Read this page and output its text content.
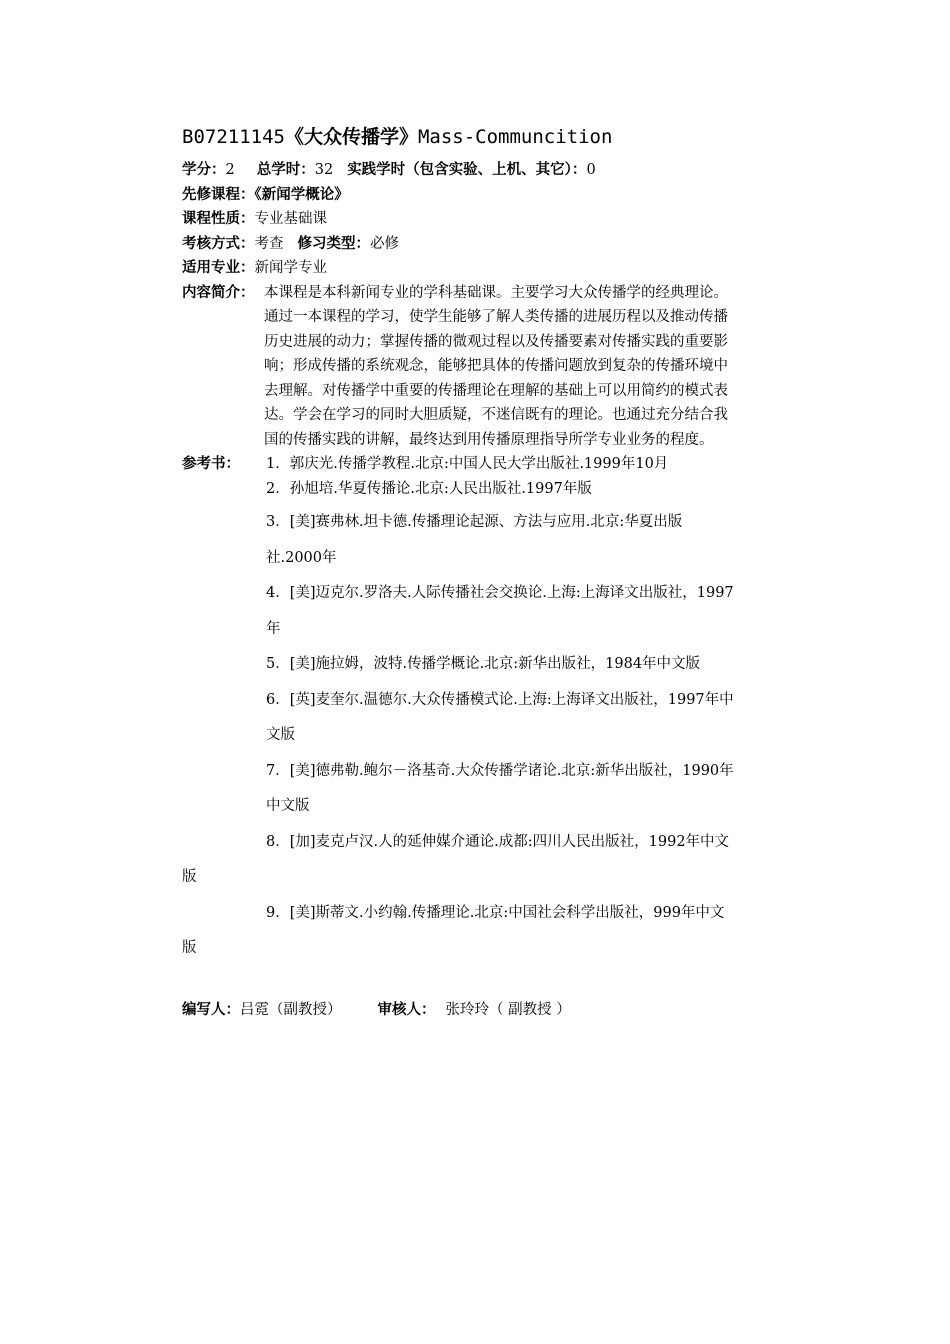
B07211145《大众传播学》Mass-Communcition
学分：2 总学时：32 实践学时（包含实验、上机、其它）：0
先修课程：《新闻学概论》
课程性质：专业基础课
考核方式：考查 修习类型：必修
适用专业：新闻学专业
内容简介： 本课程是本科新闻专业的学科基础课。主要学习大众传播学的经典理论。
通过一本课程的学习，使学生能够了解人类传播的进展历程以及推动传播
历史进展的动力；掌握传播的微观过程以及传播要素对传播实践的重要影
响；形成传播的系统观念，能够把具体的传播问题放到复杂的传播环境中
去理解。对传播学中重要的传播理论在理解的基础上可以用简约的模式表
达。学会在学习的同时大胆质疑，不迷信既有的理论。也通过充分结合我
国的传播实践的讲解，最终达到用传播原理指导所学专业业务的程度。
参考书： 1．郭庆光.传播学教程.北京:中国人民大学出版社.1999年10月
2．孙旭培.华夏传播论.北京:人民出版社.1997年版
3．[美]赛弗林.坦卡德.传播理论起源、方法与应用.北京:华夏出版
社.2000年
4．[美]迈克尔.罗洛夫.人际传播社会交换论.上海:上海译文出版社，1997
年
5．[美]施拉姆，波特.传播学概论.北京:新华出版社，1984年中文版
6．[英]麦奎尔.温德尔.大众传播模式论.上海:上海译文出版社，1997年中
文版
7．[美]德弗勒.鲍尔－洛基奇.大众传播学诸论.北京:新华出版社，1990年
中文版
8．[加]麦克卢汉.人的延伸媒介通论.成都:四川人民出版社，1992年中文
版
9．[美]斯蒂文.小约翰.传播理论.北京:中国社会科学出版社，999年中文
版
编写人：吕霓（副教授） 审核人： 张玲玲（ 副教授 ）
